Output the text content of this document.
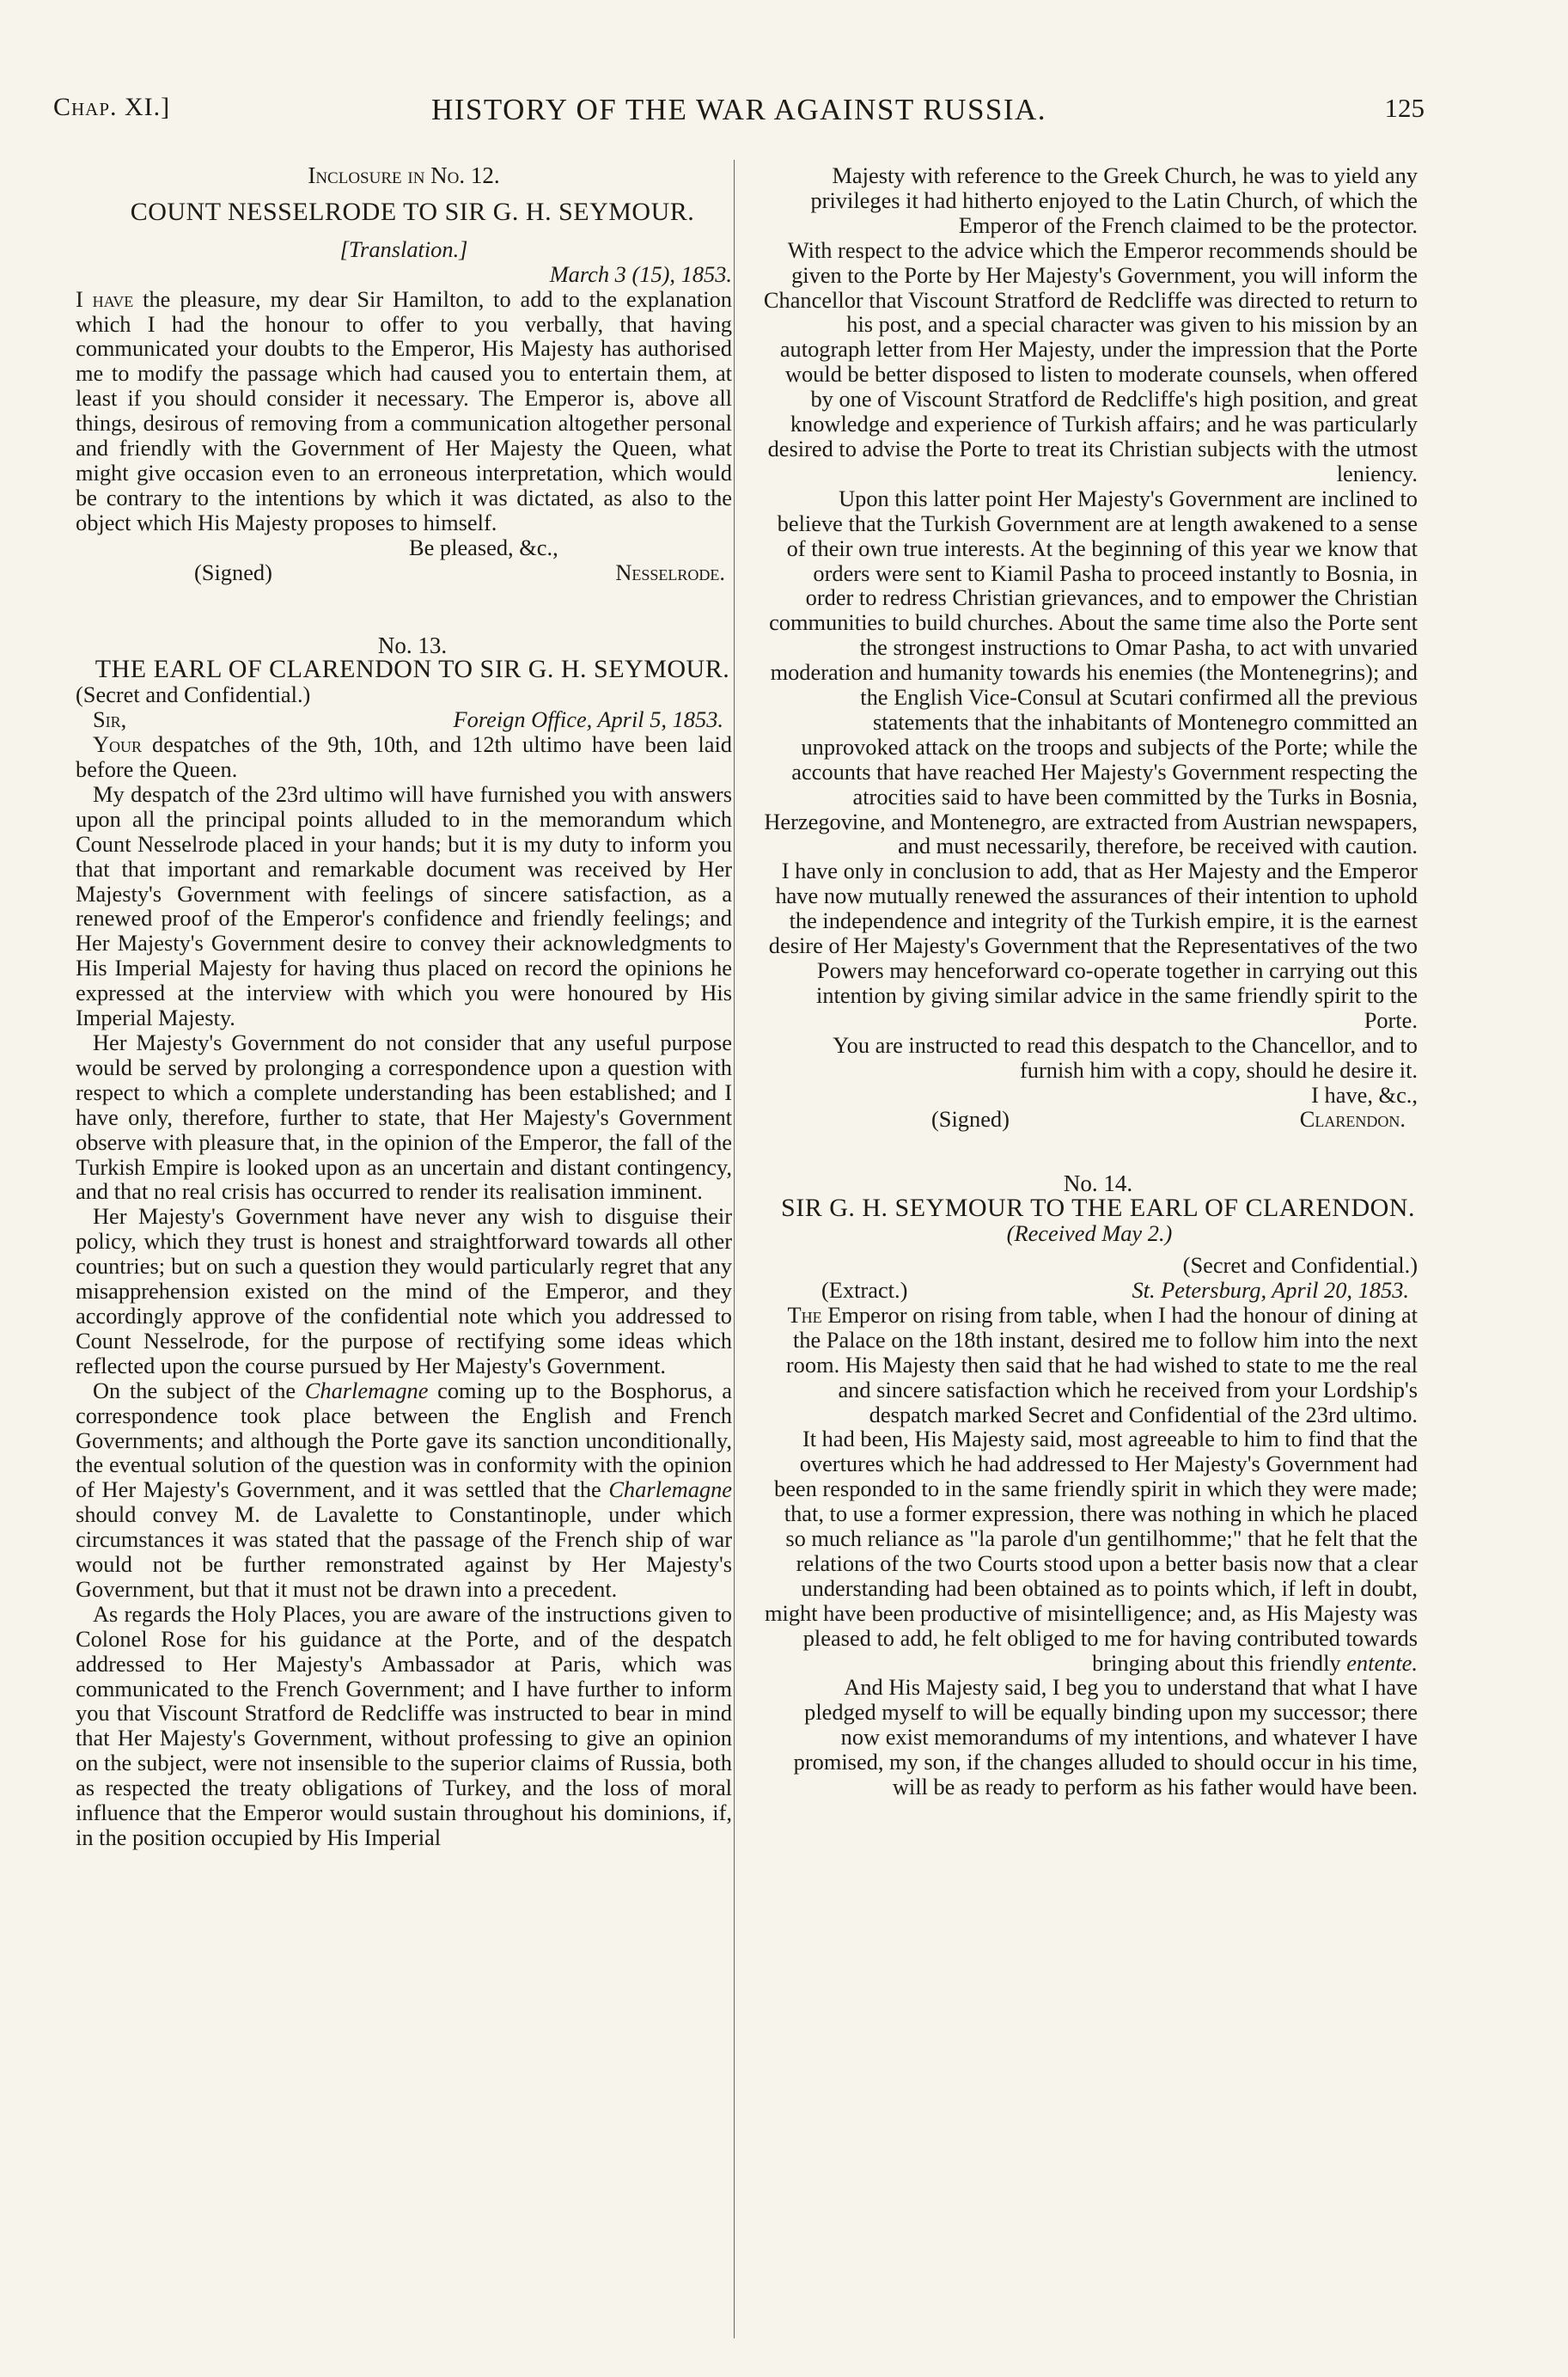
Chap. XI.]	HISTORY OF THE WAR AGAINST RUSSIA.	125

Inclosure in No. 12.

COUNT NESSELRODE TO SIR G. H. SEYMOUR.

[Translation.]

March 3 (15), 1853.

I have the pleasure, my dear Sir Hamilton, to add to the explanation which I had the honour to offer to you verbally, that having communicated your doubts to the Emperor, His Majesty has authorised me to modify the passage which had caused you to entertain them, at least if you should consider it necessary. The Emperor is, above all things, desirous of removing from a communication altogether personal and friendly with the Government of Her Majesty the Queen, what might give occasion even to an erroneous interpretation, which would be contrary to the intentions by which it was dictated, as also to the object which His Majesty proposes to himself.

Be pleased, &c.,

(Signed)	Nesselrode.

No. 13.

THE EARL OF CLARENDON TO SIR G. H. SEYMOUR.

(Secret and Confidential.)

Sir,	Foreign Office, April 5, 1853.

Your despatches of the 9th, 10th, and 12th ultimo have been laid before the Queen.

My despatch of the 23rd ultimo will have furnished you with answers upon all the principal points alluded to in the memorandum which Count Nesselrode placed in your hands; but it is my duty to inform you that that important and remarkable document was received by Her Majesty's Government with feelings of sincere satisfaction, as a renewed proof of the Emperor's confidence and friendly feelings; and Her Majesty's Government desire to convey their acknowledgments to His Imperial Majesty for having thus placed on record the opinions he expressed at the interview with which you were honoured by His Imperial Majesty.

Her Majesty's Government do not consider that any useful purpose would be served by prolonging a correspondence upon a question with respect to which a complete understanding has been established; and I have only, therefore, further to state, that Her Majesty's Government observe with pleasure that, in the opinion of the Emperor, the fall of the Turkish Empire is looked upon as an uncertain and distant contingency, and that no real crisis has occurred to render its realisation imminent.

Her Majesty's Government have never any wish to disguise their policy, which they trust is honest and straightforward towards all other countries; but on such a question they would particularly regret that any misapprehension existed on the mind of the Emperor, and they accordingly approve of the confidential note which you addressed to Count Nesselrode, for the purpose of rectifying some ideas which reflected upon the course pursued by Her Majesty's Government.

On the subject of the Charlemagne coming up to the Bosphorus, a correspondence took place between the English and French Governments; and although the Porte gave its sanction unconditionally, the eventual solution of the question was in conformity with the opinion of Her Majesty's Government, and it was settled that the Charlemagne should convey M. de Lavalette to Constantinople, under which circumstances it was stated that the passage of the French ship of war would not be further remonstrated against by Her Majesty's Government, but that it must not be drawn into a precedent.

As regards the Holy Places, you are aware of the instructions given to Colonel Rose for his guidance at the Porte, and of the despatch addressed to Her Majesty's Ambassador at Paris, which was communicated to the French Government; and I have further to inform you that Viscount Stratford de Redcliffe was instructed to bear in mind that Her Majesty's Government, without professing to give an opinion on the subject, were not insensible to the superior claims of Russia, both as respected the treaty obligations of Turkey, and the loss of moral influence that the Emperor would sustain throughout his dominions, if, in the position occupied by His Imperial

Majesty with reference to the Greek Church, he was to yield any privileges it had hitherto enjoyed to the Latin Church, of which the Emperor of the French claimed to be the protector.

With respect to the advice which the Emperor recommends should be given to the Porte by Her Majesty's Government, you will inform the Chancellor that Viscount Stratford de Redcliffe was directed to return to his post, and a special character was given to his mission by an autograph letter from Her Majesty, under the impression that the Porte would be better disposed to listen to moderate counsels, when offered by one of Viscount Stratford de Redcliffe's high position, and great knowledge and experience of Turkish affairs; and he was particularly desired to advise the Porte to treat its Christian subjects with the utmost leniency.

Upon this latter point Her Majesty's Government are inclined to believe that the Turkish Government are at length awakened to a sense of their own true interests. At the beginning of this year we know that orders were sent to Kiamil Pasha to proceed instantly to Bosnia, in order to redress Christian grievances, and to empower the Christian communities to build churches. About the same time also the Porte sent the strongest instructions to Omar Pasha, to act with unvaried moderation and humanity towards his enemies (the Montenegrins); and the English Vice-Consul at Scutari confirmed all the previous statements that the inhabitants of Montenegro committed an unprovoked attack on the troops and subjects of the Porte; while the accounts that have reached Her Majesty's Government respecting the atrocities said to have been committed by the Turks in Bosnia, Herzegovine, and Montenegro, are extracted from Austrian newspapers, and must necessarily, therefore, be received with caution.

I have only in conclusion to add, that as Her Majesty and the Emperor have now mutually renewed the assurances of their intention to uphold the independence and integrity of the Turkish empire, it is the earnest desire of Her Majesty's Government that the Representatives of the two Powers may henceforward co-operate together in carrying out this intention by giving similar advice in the same friendly spirit to the Porte.

You are instructed to read this despatch to the Chancellor, and to furnish him with a copy, should he desire it.

I have, &c.,

(Signed)	Clarendon.

No. 14.

SIR G. H. SEYMOUR TO THE EARL OF CLARENDON.

(Received May 2.)

(Secret and Confidential.)

(Extract.)	St. Petersburg, April 20, 1853.

The Emperor on rising from table, when I had the honour of dining at the Palace on the 18th instant, desired me to follow him into the next room. His Majesty then said that he had wished to state to me the real and sincere satisfaction which he received from your Lordship's despatch marked Secret and Confidential of the 23rd ultimo.

It had been, His Majesty said, most agreeable to him to find that the overtures which he had addressed to Her Majesty's Government had been responded to in the same friendly spirit in which they were made; that, to use a former expression, there was nothing in which he placed so much reliance as "la parole d'un gentilhomme;" that he felt that the relations of the two Courts stood upon a better basis now that a clear understanding had been obtained as to points which, if left in doubt, might have been productive of misintelligence; and, as His Majesty was pleased to add, he felt obliged to me for having contributed towards bringing about this friendly entente.

And His Majesty said, I beg you to understand that what I have pledged myself to will be equally binding upon my successor; there now exist memorandums of my intentions, and whatever I have promised, my son, if the changes alluded to should occur in his time, will be as ready to perform as his father would have been.
